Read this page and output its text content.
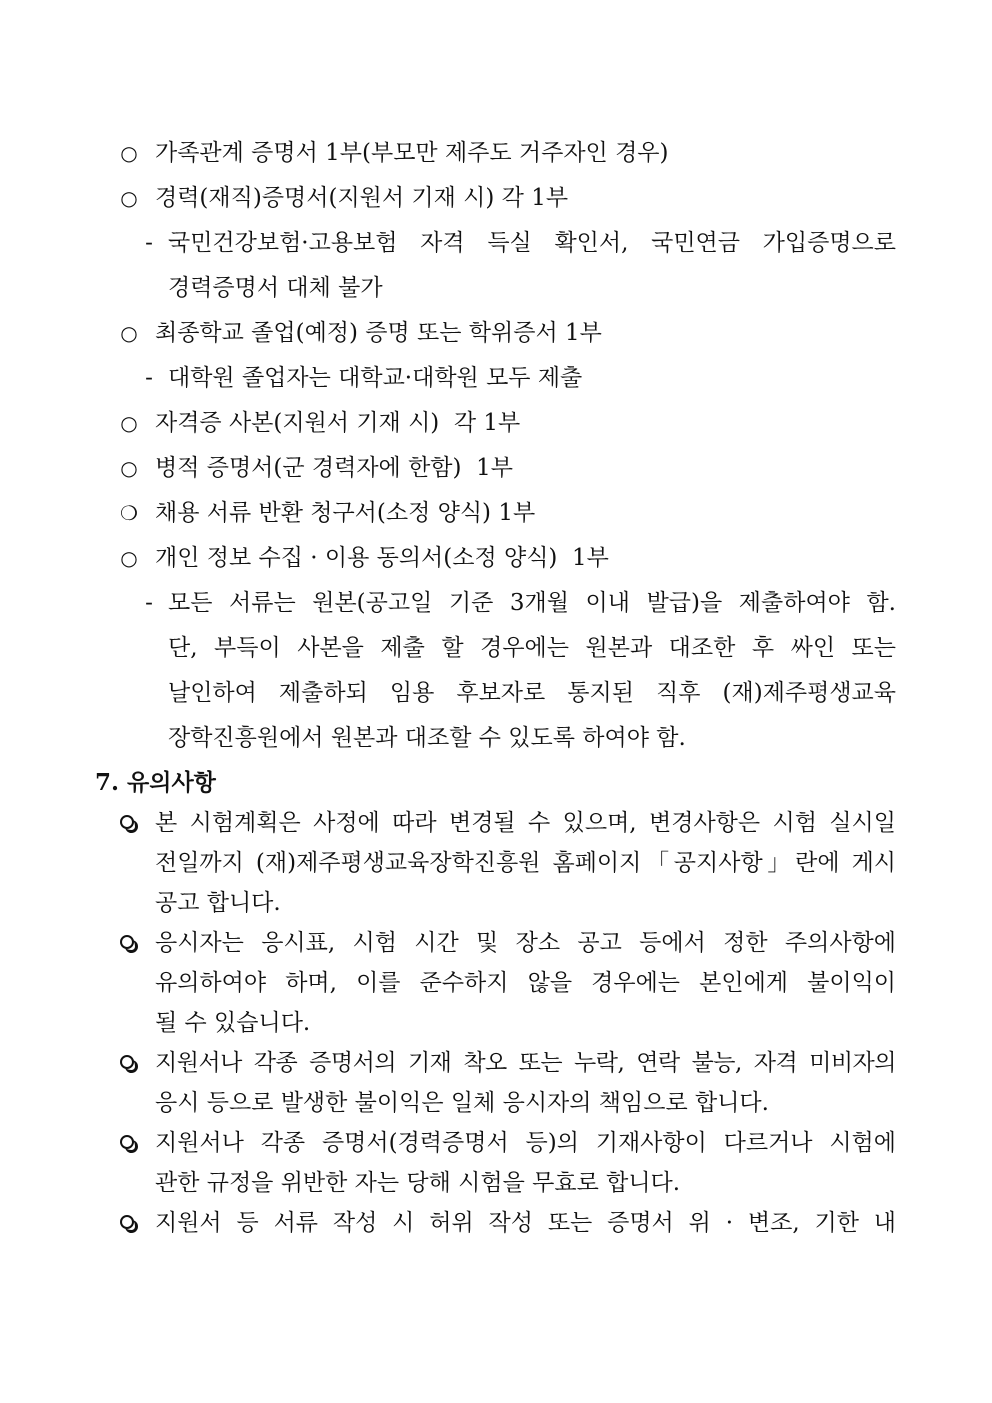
○ 가족관계 증명서 1부(부모만 제주도 거주자인 경우)
○ 경력(재직)증명서(지원서 기재 시) 각 1부
- 국민건강보험·고용보험 자격 득실 확인서, 국민연금 가입증명으로
경력증명서 대체 불가
○ 최종학교 졸업(예정) 증명 또는 학위증서 1부
- 대학원 졸업자는 대학교·대학원 모두 제출
○ 자격증 사본(지원서 기재 시)  각 1부
○ 병적 증명서(군 경력자에 한함)  1부
❍ 채용 서류 반환 청구서(소정 양식) 1부
○ 개인 정보 수집 · 이용 동의서(소정 양식)  1부
- 모든 서류는 원본(공고일 기준 3개월 이내 발급)을 제출하여야 함.
단, 부득이 사본을 제출 할 경우에는 원본과 대조한 후 싸인 또는
날인하여 제출하되 임용 후보자로 통지된 직후 (재)제주평생교육
장학진흥원에서 원본과 대조할 수 있도록 하여야 함.
7. 유의사항
본 시험계획은 사정에 따라 변경될 수 있으며, 변경사항은 시험 실시일
전일까지 (재)제주평생교육장학진흥원 홈페이지「공지사항」란에 게시
공고 합니다.
응시자는 응시표, 시험 시간 및 장소 공고 등에서 정한 주의사항에
유의하여야 하며, 이를 준수하지 않을 경우에는 본인에게 불이익이
될 수 있습니다.
지원서나 각종 증명서의 기재 착오 또는 누락, 연락 불능, 자격 미비자의
응시 등으로 발생한 불이익은 일체 응시자의 책임으로 합니다.
지원서나 각종 증명서(경력증명서 등)의 기재사항이 다르거나 시험에
관한 규정을 위반한 자는 당해 시험을 무효로 합니다.
지원서 등 서류 작성 시 허위 작성 또는 증명서 위 · 변조, 기한 내
